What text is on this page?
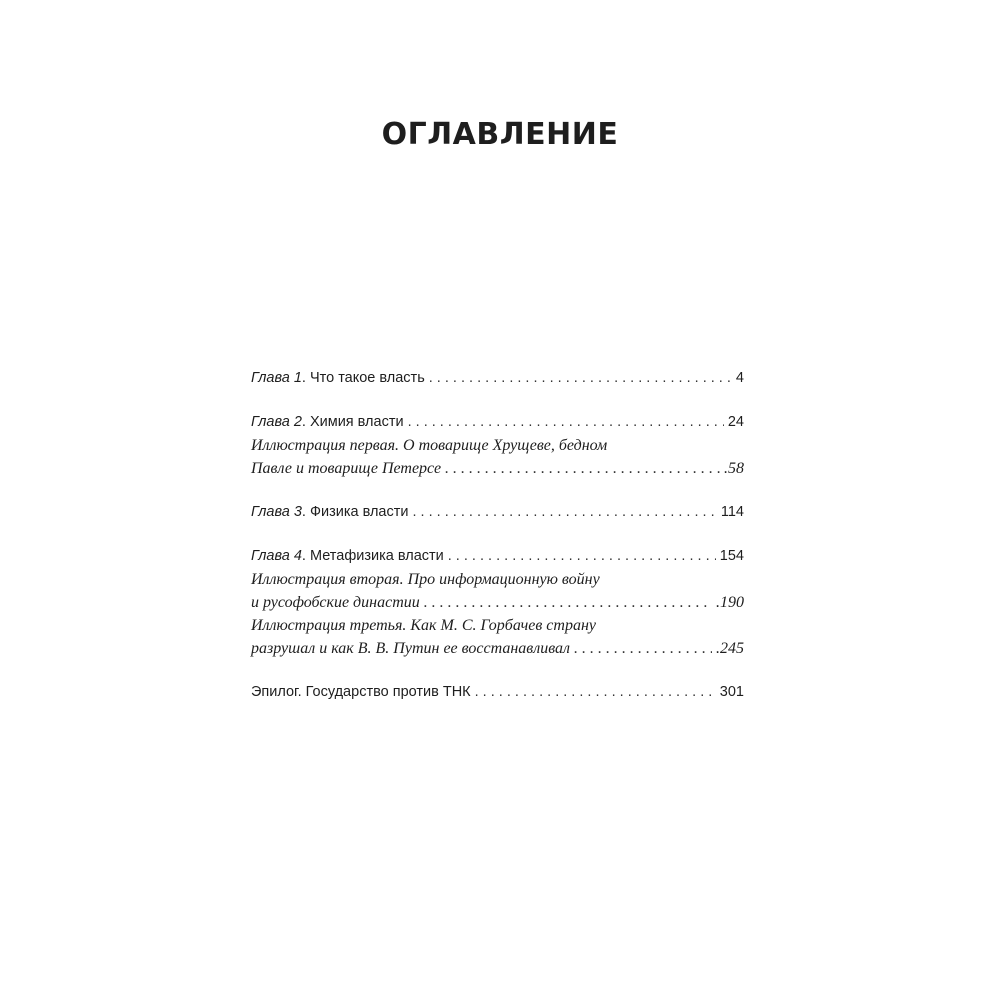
ОГЛАВЛЕНИЕ
Глава 1. Что такое власть . . .	4
Глава 2. Химия власти . . .	24
Иллюстрация первая. О товарище Хрущеве, бедном
Павле и товарище Петерсе . . .	.58
Глава 3. Физика власти . . .	114
Глава 4. Метафизика власти . . .	154
Иллюстрация вторая. Про информационную войну
и русофобские династии . . .	.190
Иллюстрация третья. Как М. С. Горбачев страну
разрушал и как В. В. Путин ее восстанавливал . . .	.245
Эпилог. Государство против ТНК . . .	301
